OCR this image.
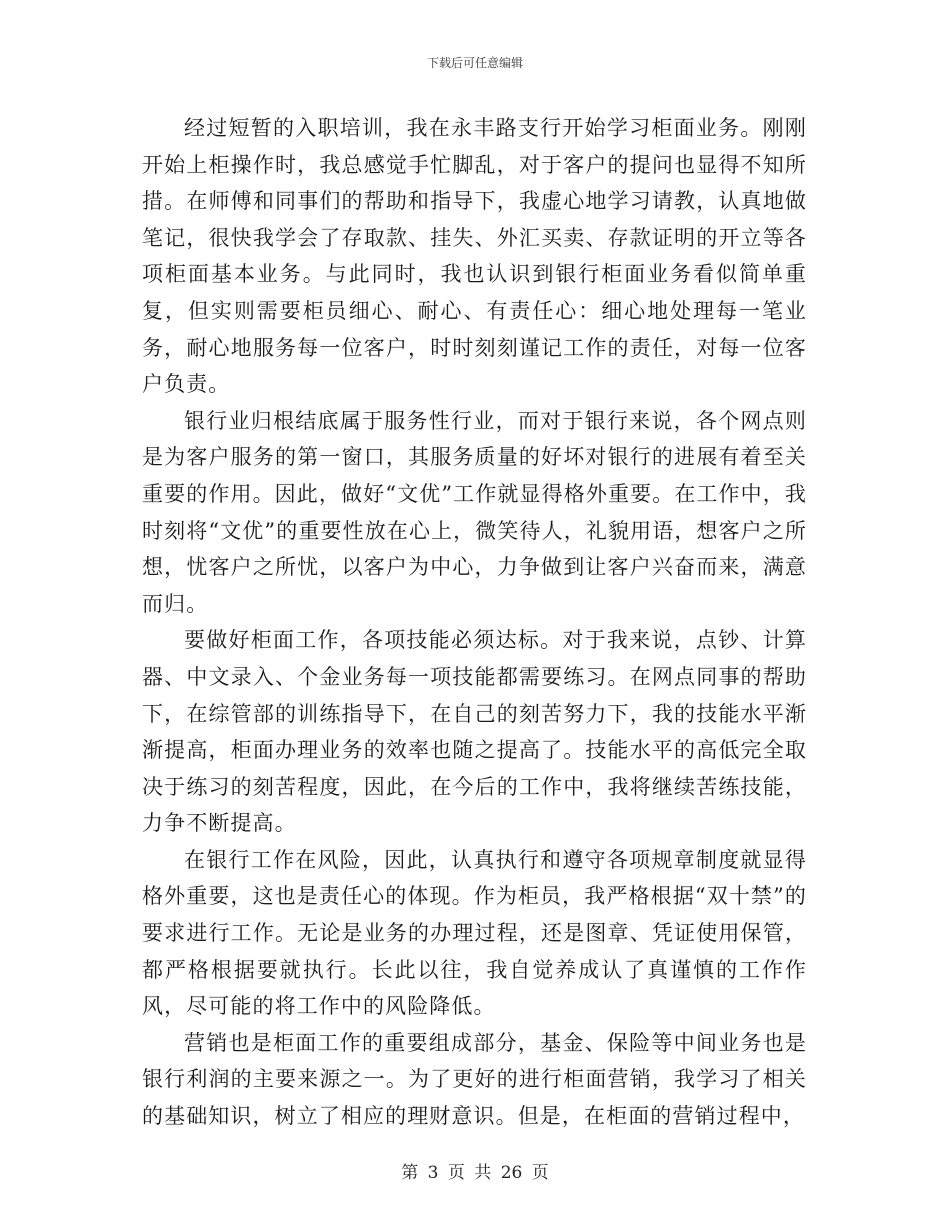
下载后可任意编辑

经过短暂的入职培训，我在永丰路支行开始学习柜面业务。刚刚开始上柜操作时，我总感觉手忙脚乱，对于客户的提问也显得不知所措。在师傅和同事们的帮助和指导下，我虚心地学习请教，认真地做笔记，很快我学会了存取款、挂失、外汇买卖、存款证明的开立等各项柜面基本业务。与此同时，我也认识到银行柜面业务看似简单重复，但实则需要柜员细心、耐心、有责任心：细心地处理每一笔业务，耐心地服务每一位客户，时时刻刻谨记工作的责任，对每一位客户负责。

银行业归根结底属于服务性行业，而对于银行来说，各个网点则是为客户服务的第一窗口，其服务质量的好坏对银行的进展有着至关重要的作用。因此，做好“文优”工作就显得格外重要。在工作中，我时刻将“文优”的重要性放在心上，微笑待人，礼貌用语，想客户之所想，忧客户之所忧，以客户为中心，力争做到让客户兴奋而来，满意而归。

要做好柜面工作，各项技能必须达标。对于我来说，点钞、计算器、中文录入、个金业务每一项技能都需要练习。在网点同事的帮助下，在综管部的训练指导下，在自己的刻苦努力下，我的技能水平渐渐提高，柜面办理业务的效率也随之提高了。技能水平的高低完全取决于练习的刻苦程度，因此，在今后的工作中，我将继续苦练技能，力争不断提高。

在银行工作在风险，因此，认真执行和遵守各项规章制度就显得格外重要，这也是责任心的体现。作为柜员，我严格根据“双十禁”的要求进行工作。无论是业务的办理过程，还是图章、凭证使用保管，都严格根据要就执行。长此以往，我自觉养成认了真谨慎的工作作风，尽可能的将工作中的风险降低。

营销也是柜面工作的重要组成部分，基金、保险等中间业务也是银行利润的主要来源之一。为了更好的进行柜面营销，我学习了相关的基础知识，树立了相应的理财意识。但是，在柜面的营销过程中，

第 3 页 共 26 页
